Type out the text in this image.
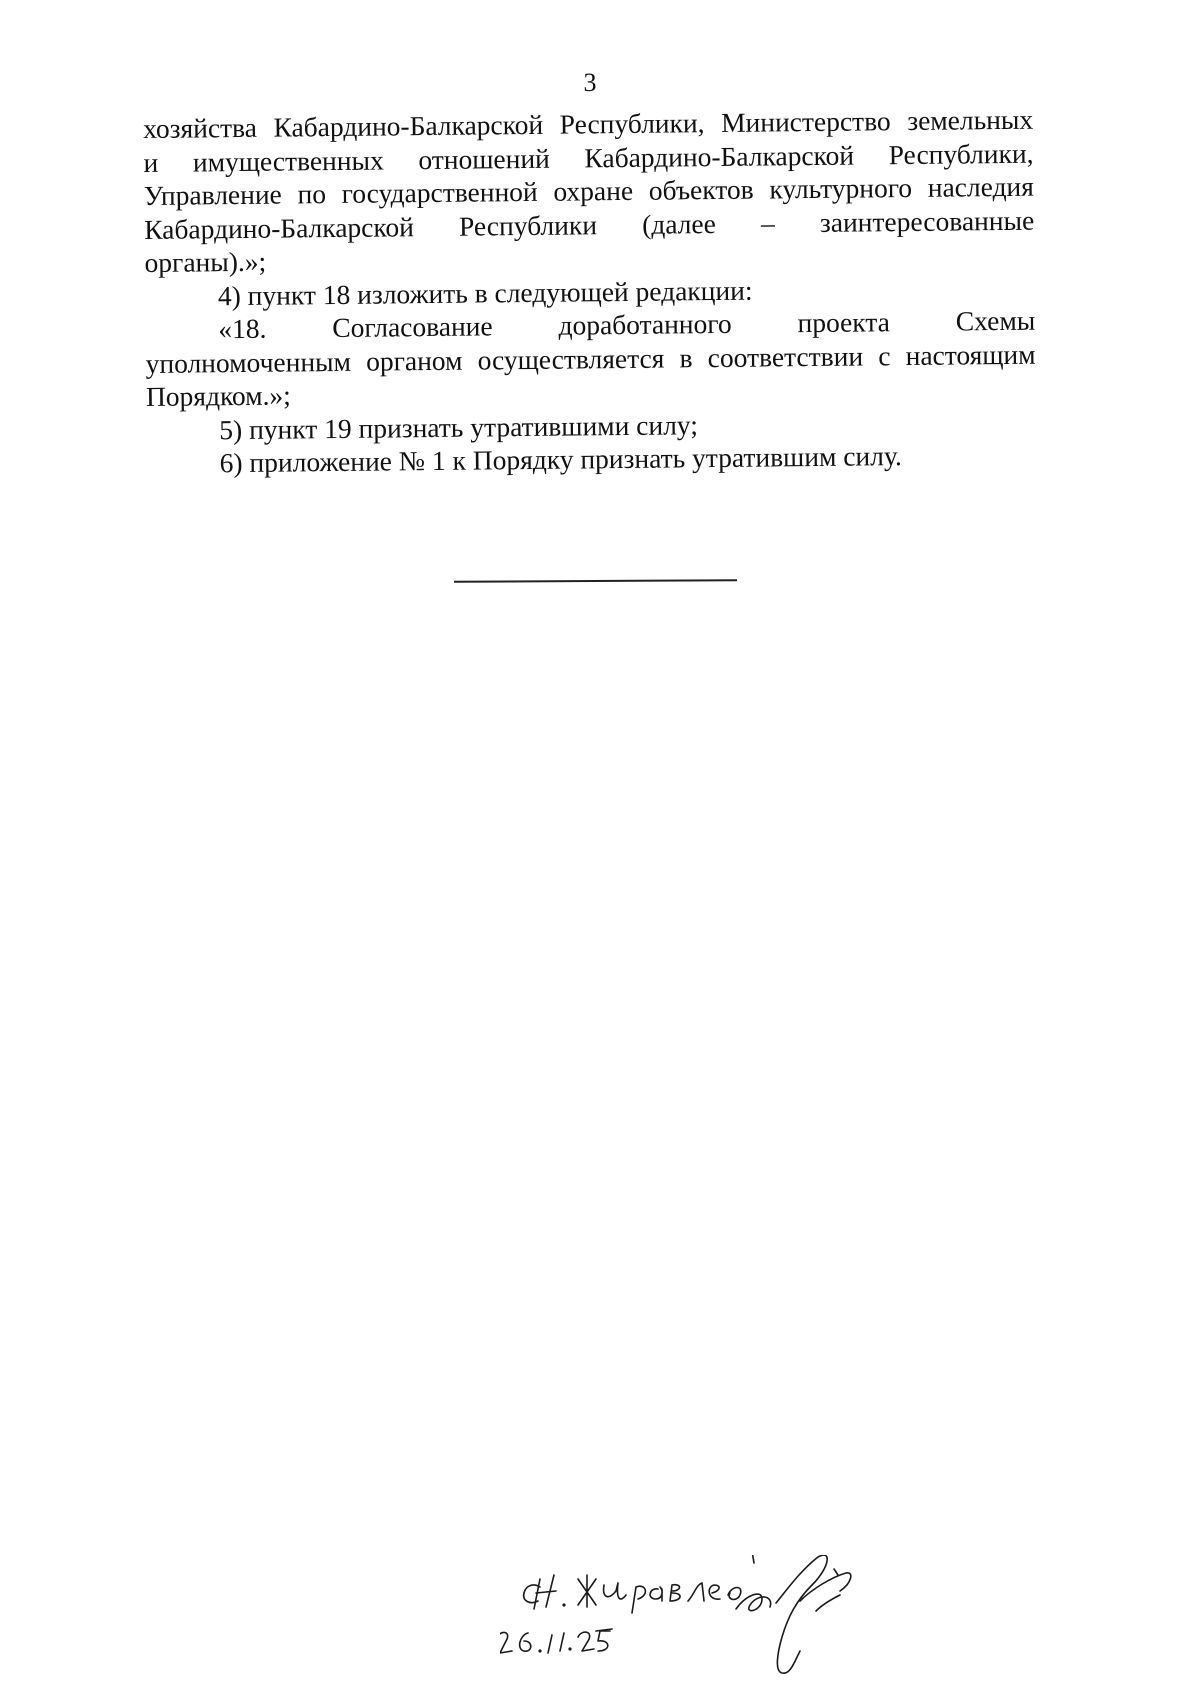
3
хозяйства Кабардино-Балкарской Республики, Министерство земельных
и имущественных отношений Кабардино-Балкарской Республики,
Управление по государственной охране объектов культурного наследия
Кабардино-Балкарской Республики (далее – заинтересованные
органы).»;
4) пункт 18 изложить в следующей редакции:
«18. Согласование доработанного проекта Схемы
уполномоченным органом осуществляется в соответствии с настоящим
Порядком.»;
5) пункт 19 признать утратившими силу;
6) приложение № 1 к Порядку признать утратившим силу.
